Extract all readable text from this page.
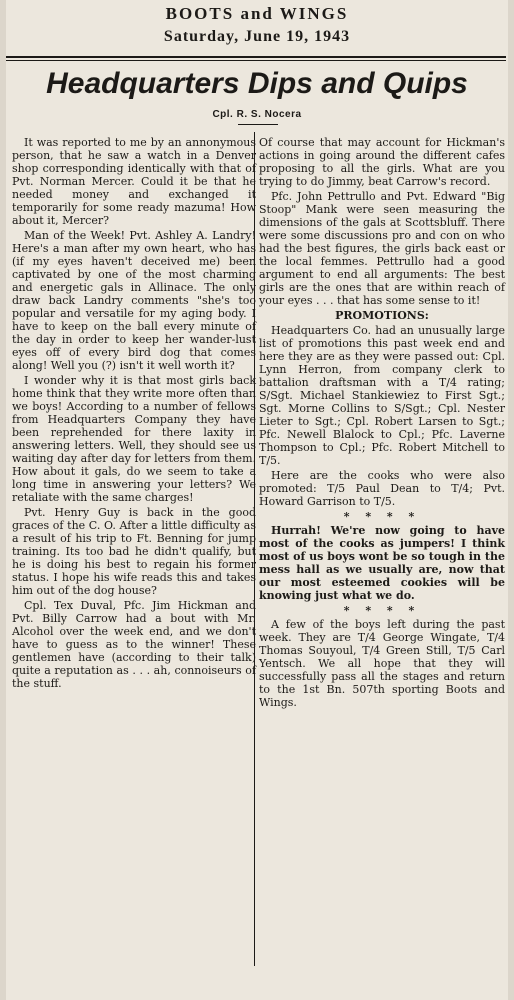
BOOTS and WINGS
Saturday, June 19, 1943
Headquarters Dips and Quips
Cpl. R. S. Nocera

It was reported to me by an annonymous person, that he saw a watch in a Denver shop corresponding identically with that of Pvt. Norman Mercer. Could it be that he needed money and exchanged it temporarily for some ready mazuma! How about it, Mercer?

Man of the Week! Pvt. Ashley A. Landry! Here's a man after my own heart, who has (if my eyes haven't deceived me) been captivated by one of the most charming and energetic gals in Allinace. The only draw back Landry comments "she's too popular and versatile for my aging body. I have to keep on the ball every minute of the day in order to keep her wander-lust eyes off of every bird dog that comes along! Well you (?) isn't it well worth it?

I wonder why it is that most girls back home think that they write more often than we boys! According to a number of fellows from Headquarters Company they have been reprehended for there laxity in answering letters. Well, they should see us waiting day after day for letters from them. How about it gals, do we seem to take a long time in answering your letters? We retaliate with the same charges!

Pvt. Henry Guy is back in the good graces of the C. O. After a little difficulty as a result of his trip to Ft. Benning for jump training. Its too bad he didn't qualify, but he is doing his best to regain his former status. I hope his wife reads this and takes him out of the dog house?

Cpl. Tex Duval, Pfc. Jim Hickman and Pvt. Billy Carrow had a bout with Mr. Alcohol over the week end, and we don't have to guess as to the winner! These gentlemen have (according to their talk) quite a reputation as . . . ah, connoiseurs of the stuff.

Of course that may account for Hickman's actions in going around the different cafes proposing to all the girls. What are you trying to do Jimmy, beat Carrow's record.

Pfc. John Pettrullo and Pvt. Edward "Big Stoop" Mank were seen measuring the dimensions of the gals at Scottsbluff. There were some discussions pro and con on who had the best figures, the girls back east or the local femmes. Pettrullo had a good argument to end all arguments: The best girls are the ones that are within reach of your eyes . . . that has some sense to it!

PROMOTIONS:

Headquarters Co. had an unusually large list of promotions this past week end and here they are as they were passed out: Cpl. Lynn Herron, from company clerk to battalion draftsman with a T/4 rating; S/Sgt. Michael Stankiewiez to First Sgt.; Sgt. Morne Collins to S/Sgt.; Cpl. Nester Lieter to Sgt.; Cpl. Robert Larsen to Sgt.; Pfc. Newell Blalock to Cpl.; Pfc. Laverne Thompson to Cpl.; Pfc. Robert Mitchell to T/5.

Here are the cooks who were also promoted: T/5 Paul Dean to T/4; Pvt. Howard Garrison to T/5.

* * * *

Hurrah! We're now going to have most of the cooks as jumpers! I think most of us boys wont be so tough in the mess hall as we usually are, now that our most esteemed cookies will be knowing just what we do.

* * * *

A few of the boys left during the past week. They are T/4 George Wingate, T/4 Thomas Souyoul, T/4 Green Still, T/5 Carl Yentsch. We all hope that they will successfully pass all the stages and return to the 1st Bn. 507th sporting Boots and Wings.
